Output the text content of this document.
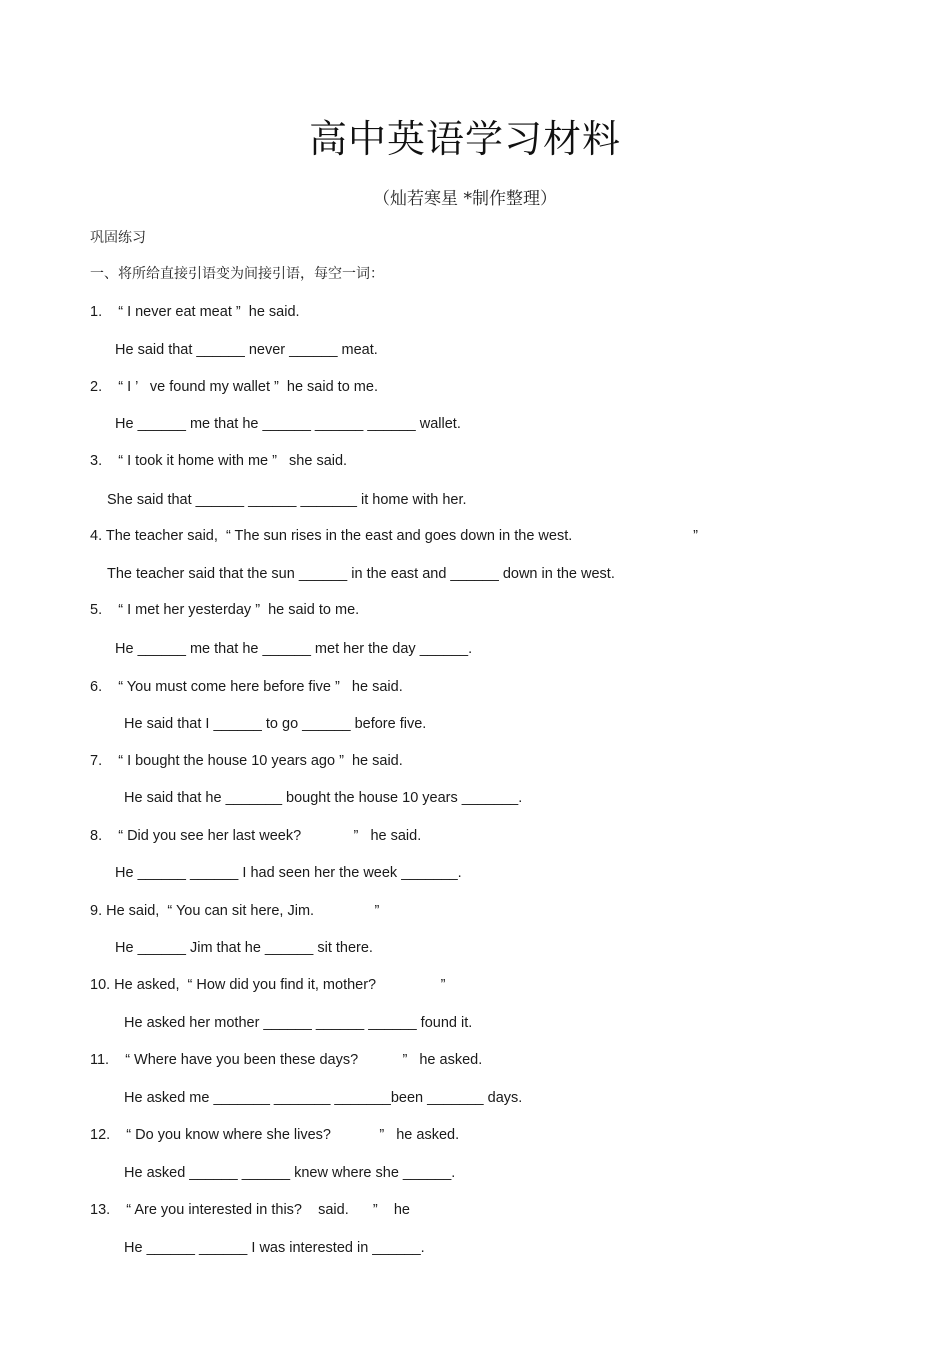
高中英语学习材料
（灿若寒星 *制作整理）
巩固练习
一、将所给直接引语变为间接引语，每空一词：
1.    “ I never eat meat ”  he said.
He said that ______ never ______ meat.
2.    “ I ’   ve found my wallet ”  he said to me.
He ______ me that he ______ ______ ______ wallet.
3.    “ I took it home with me ”   she said.
She said that ______ ______ _______ it home with her.
4. The teacher said,  “ The sun rises in the east and goes down in the west.                              ”
The teacher said that the sun ______ in the east and ______ down in the west.
5.    “ I met her yesterday ”  he said to me.
He ______ me that he ______ met her the day ______.
6.    “ You must come here before five ”   he said.
He said that I ______ to go ______ before five.
7.    “ I bought the house 10 years ago ”  he said.
He said that he _______ bought the house 10 years _______.
8.    “ Did you see her last week?             ”   he said.
He ______ ______ I had seen her the week _______.
9. He said,  “ You can sit here, Jim.               ”
He ______ Jim that he ______ sit there.
10. He asked,  “ How did you find it, mother?                ”
He asked her mother ______ ______ ______ found it.
11.    “ Where have you been these days?           ”   he asked.
He asked me _______ _______ _______been _______ days.
12.    “ Do you know where she lives?            ”   he asked.
He asked ______ ______ knew where she ______.
13.    “ Are you interested in this?    said.      ”    he
He ______ ______ I was interested in ______.
